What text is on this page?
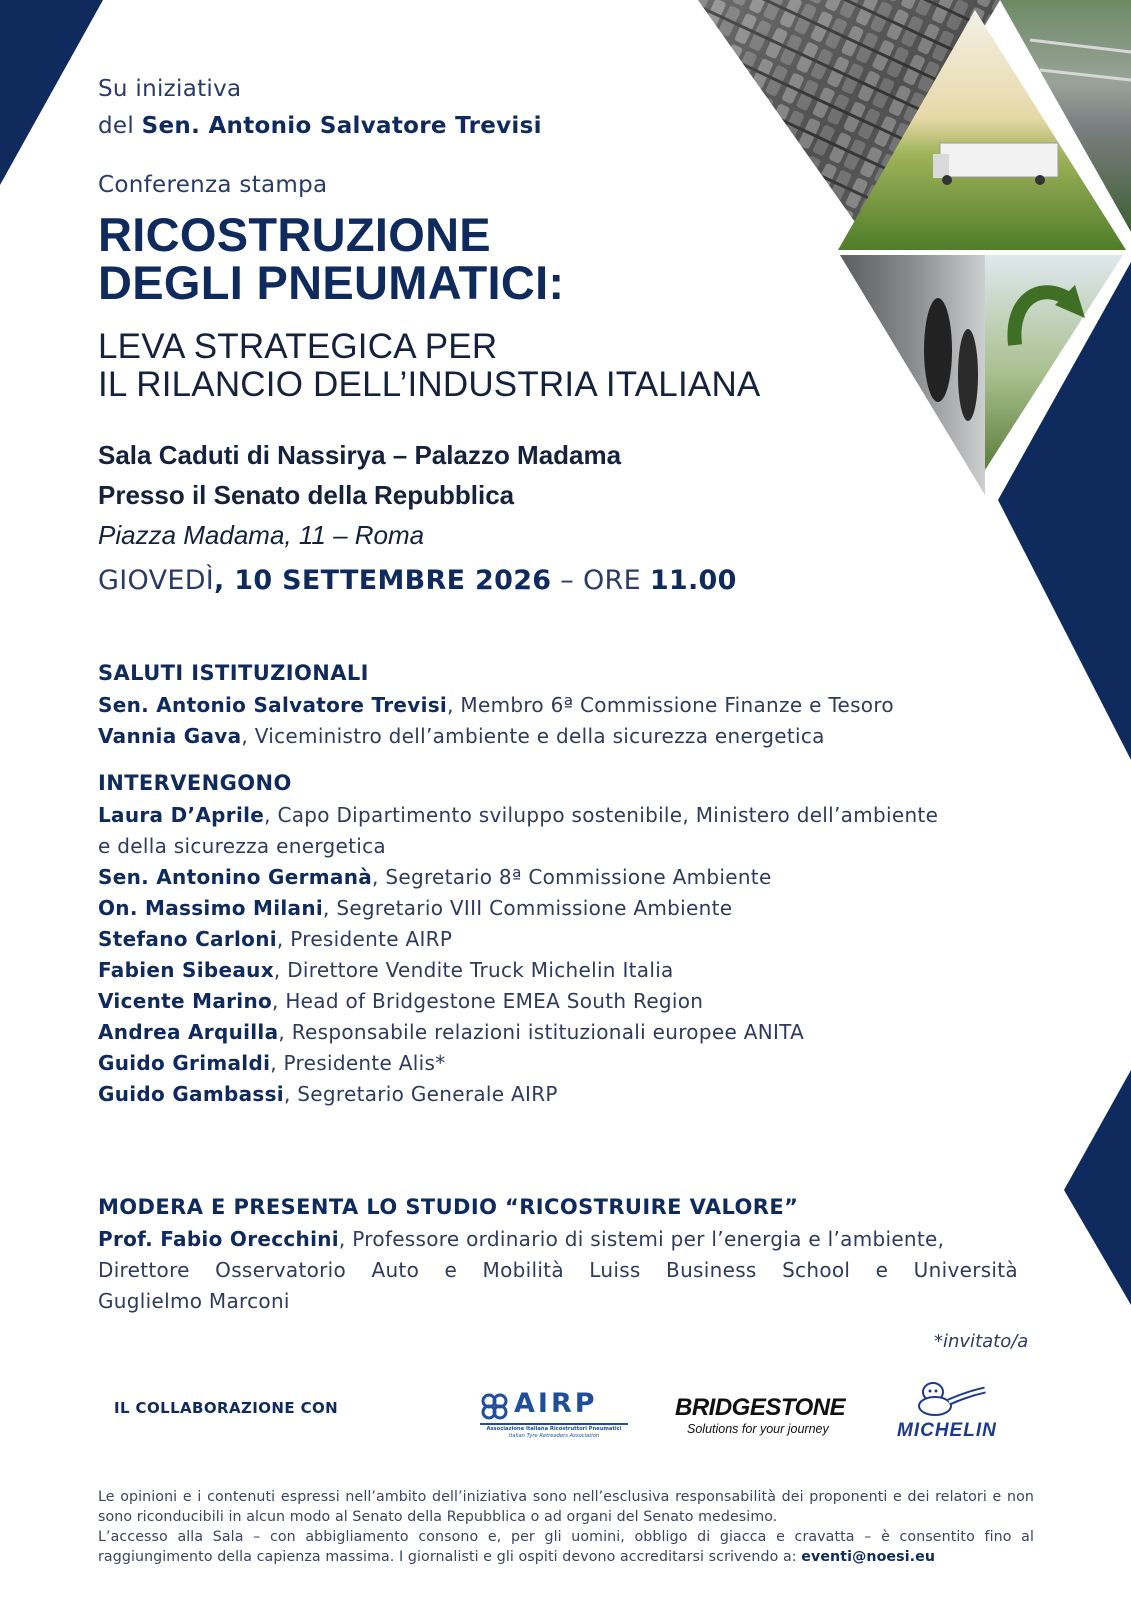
Su iniziativa
del Sen. Antonio Salvatore Trevisi
Conferenza stampa
RICOSTRUZIONE
DEGLI PNEUMATICI:
LEVA STRATEGICA PER
IL RILANCIO DELL’INDUSTRIA ITALIANA
Sala Caduti di Nassirya – Palazzo Madama
Presso il Senato della Repubblica
Piazza Madama, 11 – Roma
GIOVEDÌ, 10 SETTEMBRE 2026 – ORE 11.00
SALUTI ISTITUZIONALI
Sen. Antonio Salvatore Trevisi, Membro 6ª Commissione Finanze e Tesoro
Vannia Gava, Viceministro dell’ambiente e della sicurezza energetica
INTERVENGONO
Laura D’Aprile, Capo Dipartimento sviluppo sostenibile, Ministero dell’ambiente
e della sicurezza energetica
Sen. Antonino Germanà, Segretario 8ª Commissione Ambiente
On. Massimo Milani, Segretario VIII Commissione Ambiente
Stefano Carloni, Presidente AIRP
Fabien Sibeaux, Direttore Vendite Truck Michelin Italia
Vicente Marino, Head of Bridgestone EMEA South Region
Andrea Arquilla, Responsabile relazioni istituzionali europee ANITA
Guido Grimaldi, Presidente Alis*
Guido Gambassi, Segretario Generale AIRP
MODERA E PRESENTA LO STUDIO “RICOSTRUIRE VALORE”
Prof. Fabio Orecchini, Professore ordinario di sistemi per l’energia e l’ambiente,
Direttore Osservatorio Auto e Mobilità Luiss Business School e Università
Guglielmo Marconi
*invitato/a
IL COLLABORAZIONE CON	AIRP
Associazione Italiana Ricostruttori Pneumatici
Italian Tyre Retreaders Association
BRIDGESTONE
Solutions for your journey	MICHELIN
Le opinioni e i contenuti espressi nell’ambito dell’iniziativa sono nell’esclusiva responsabilità dei proponenti e dei relatori e non sono riconducibili in alcun modo al Senato della Repubblica o ad organi del Senato medesimo.
L’accesso alla Sala – con abbigliamento consono e, per gli uomini, obbligo di giacca e cravatta – è consentito fino al raggiungimento della capienza massima. I giornalisti e gli ospiti devono accreditarsi scrivendo a: eventi@noesi.eu
